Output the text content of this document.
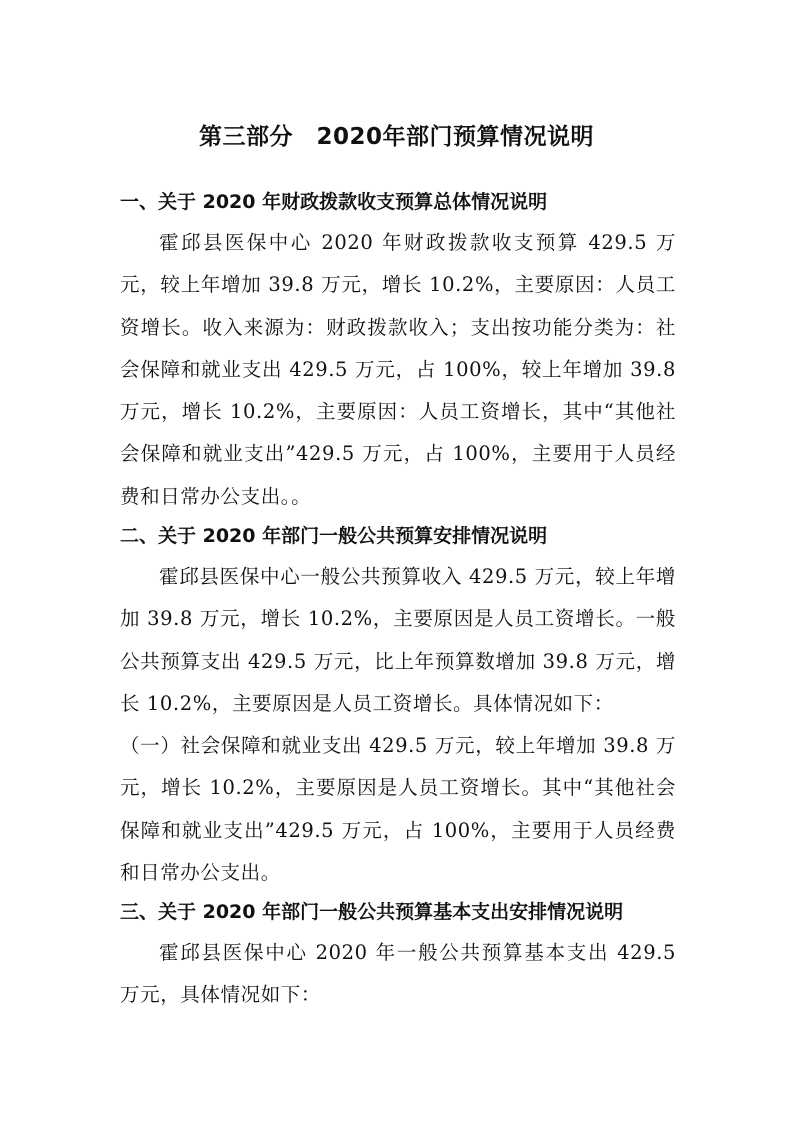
第三部分　2020年部门预算情况说明
一、关于 2020 年财政拨款收支预算总体情况说明

霍邱县医保中心 2020 年财政拨款收支预算 429.5 万元，较上年增加 39.8 万元，增长 10.2%，主要原因：人员工资增长。收入来源为：财政拨款收入；支出按功能分类为：社会保障和就业支出 429.5 万元，占 100%，较上年增加 39.8 万元，增长 10.2%，主要原因：人员工资增长，其中“其他社会保障和就业支出”429.5 万元，占 100%，主要用于人员经费和日常办公支出。。

二、关于 2020 年部门一般公共预算安排情况说明

霍邱县医保中心一般公共预算收入 429.5 万元，较上年增加 39.8 万元，增长 10.2%，主要原因是人员工资增长。一般公共预算支出 429.5 万元，比上年预算数增加 39.8 万元，增长 10.2%，主要原因是人员工资增长。具体情况如下：

（一）社会保障和就业支出 429.5 万元，较上年增加 39.8 万元，增长 10.2%，主要原因是人员工资增长。其中“其他社会保障和就业支出”429.5 万元，占 100%，主要用于人员经费和日常办公支出。

三、关于 2020 年部门一般公共预算基本支出安排情况说明

霍邱县医保中心 2020 年一般公共预算基本支出 429.5 万元，具体情况如下：
